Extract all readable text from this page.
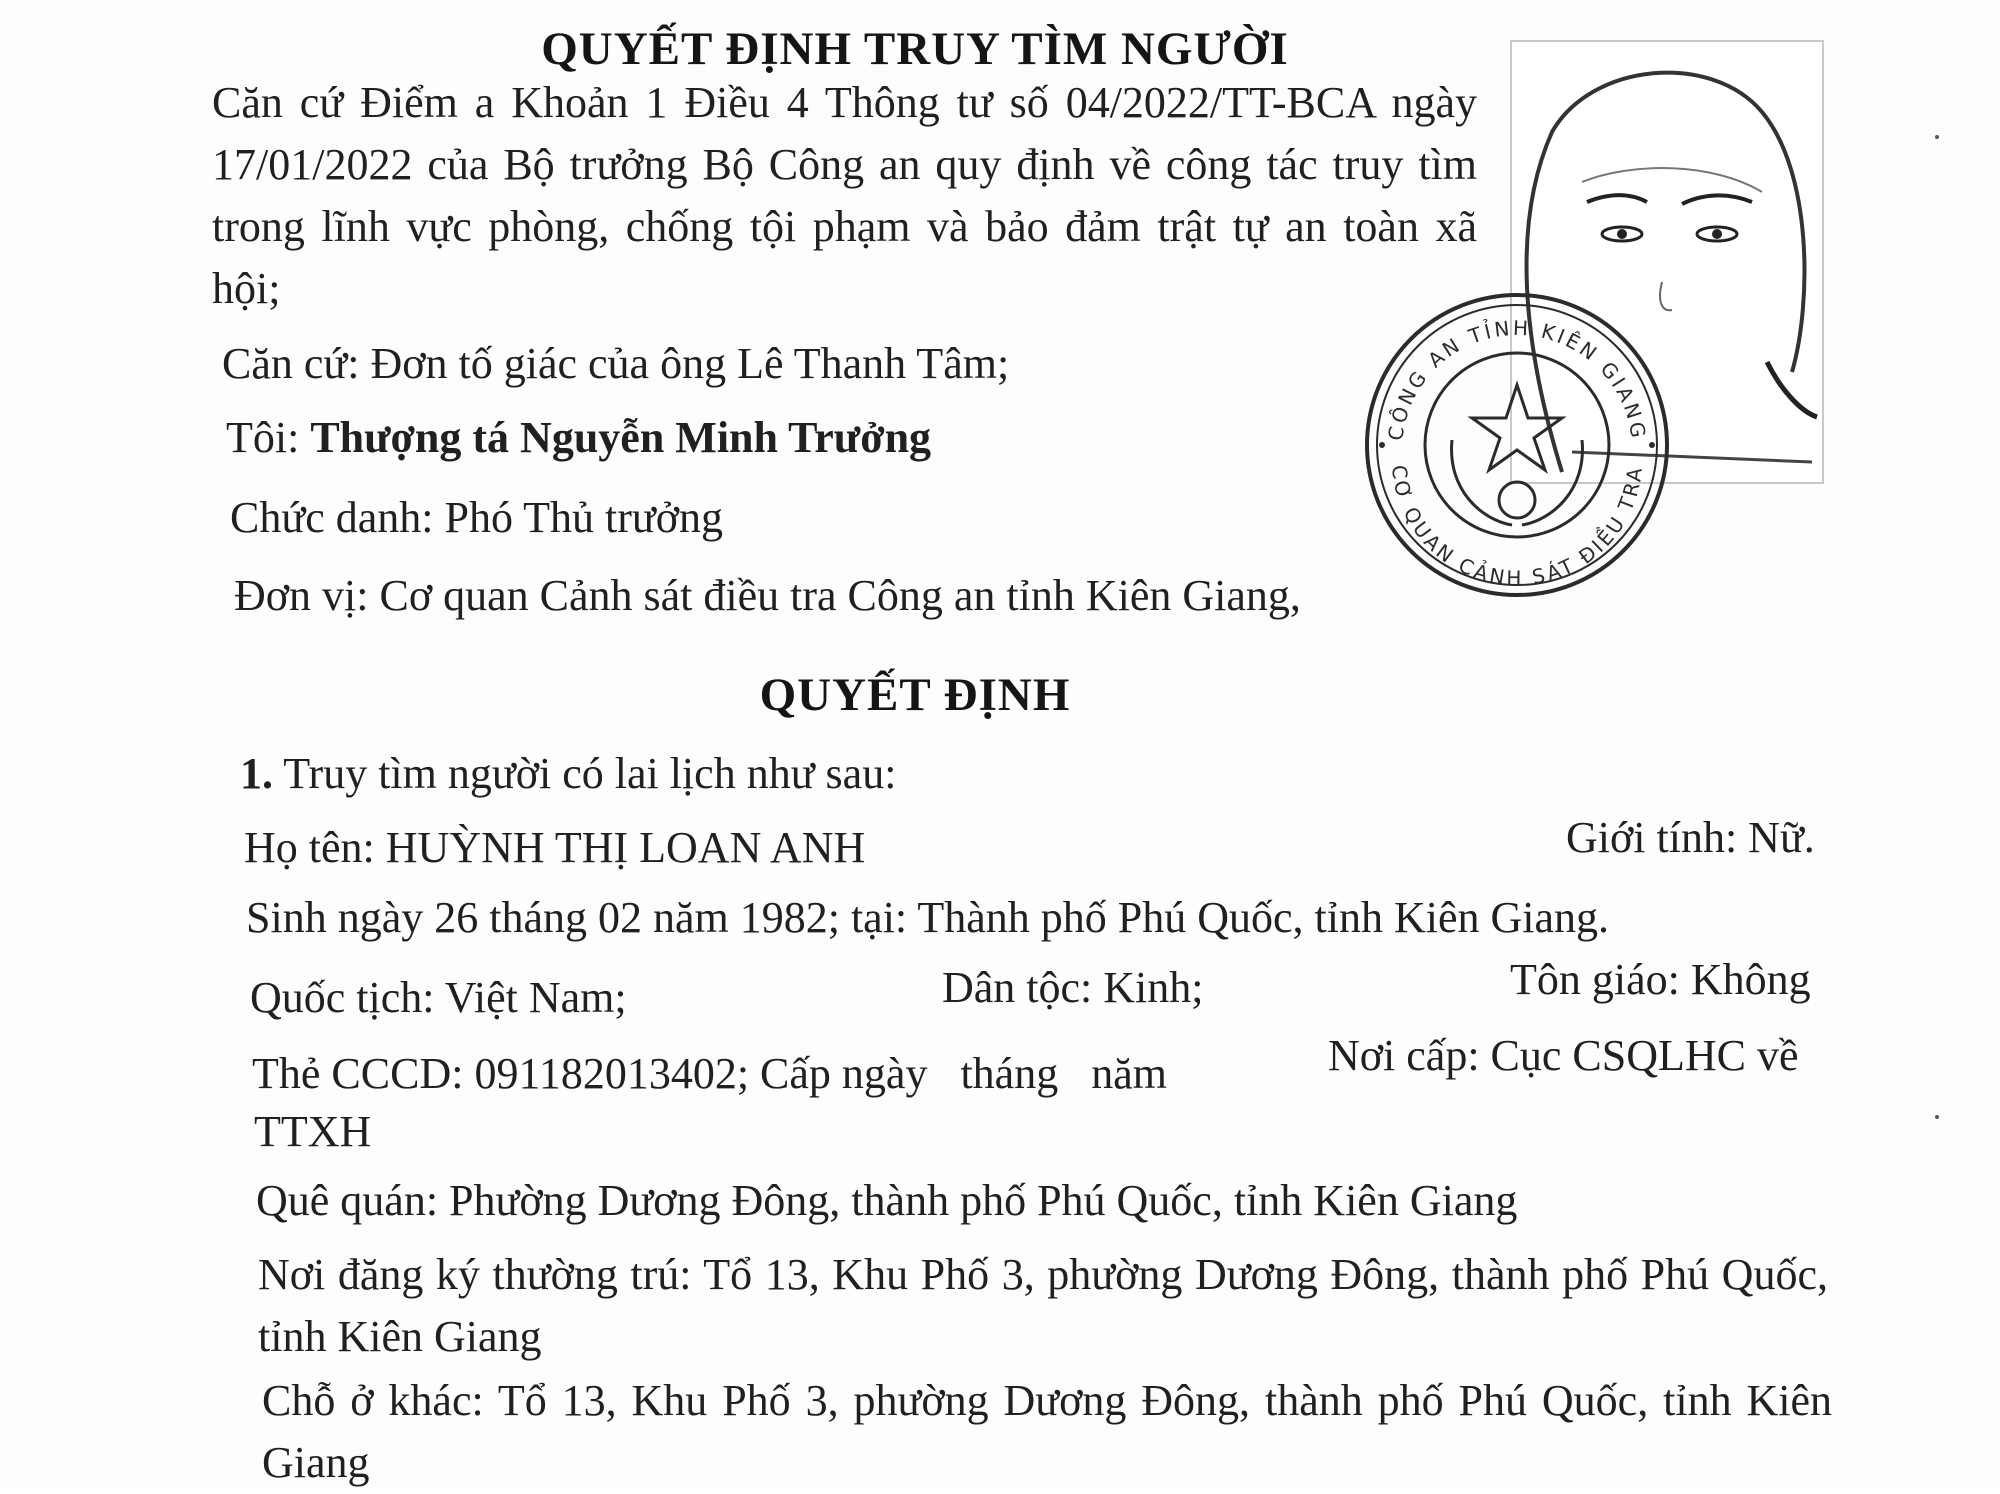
QUYẾT ĐỊNH TRUY TÌM NGƯỜI
Căn cứ Điểm a Khoản 1 Điều 4 Thông tư số 04/2022/TT-BCA ngày 17/01/2022 của Bộ trưởng Bộ Công an quy định về công tác truy tìm trong lĩnh vực phòng, chống tội phạm và bảo đảm trật tự an toàn xã hội;
Căn cứ: Đơn tố giác của ông Lê Thanh Tâm;
Tôi: Thượng tá Nguyễn Minh Trưởng
Chức danh: Phó Thủ trưởng
Đơn vị: Cơ quan Cảnh sát điều tra Công an tỉnh Kiên Giang,
CÔNG AN TỈNH KIÊN GIANG
CƠ QUAN CẢNH SÁT ĐIỀU TRA
QUYẾT ĐỊNH
1. Truy tìm người có lai lịch như sau:
Họ tên: HUỲNH THỊ LOAN ANH	Giới tính: Nữ.
Sinh ngày 26 tháng 02 năm 1982; tại: Thành phố Phú Quốc, tỉnh Kiên Giang.
Quốc tịch: Việt Nam;	Dân tộc: Kinh;	Tôn giáo: Không
Thẻ CCCD: 091182013402; Cấp ngày   tháng   năm	Nơi cấp: Cục CSQLHC về
TTXH
Quê quán: Phường Dương Đông, thành phố Phú Quốc, tỉnh Kiên Giang
Nơi đăng ký thường trú: Tổ 13, Khu Phố 3, phường Dương Đông, thành phố Phú Quốc, tỉnh Kiên Giang
Chỗ ở khác: Tổ 13, Khu Phố 3, phường Dương Đông, thành phố Phú Quốc, tỉnh Kiên Giang
